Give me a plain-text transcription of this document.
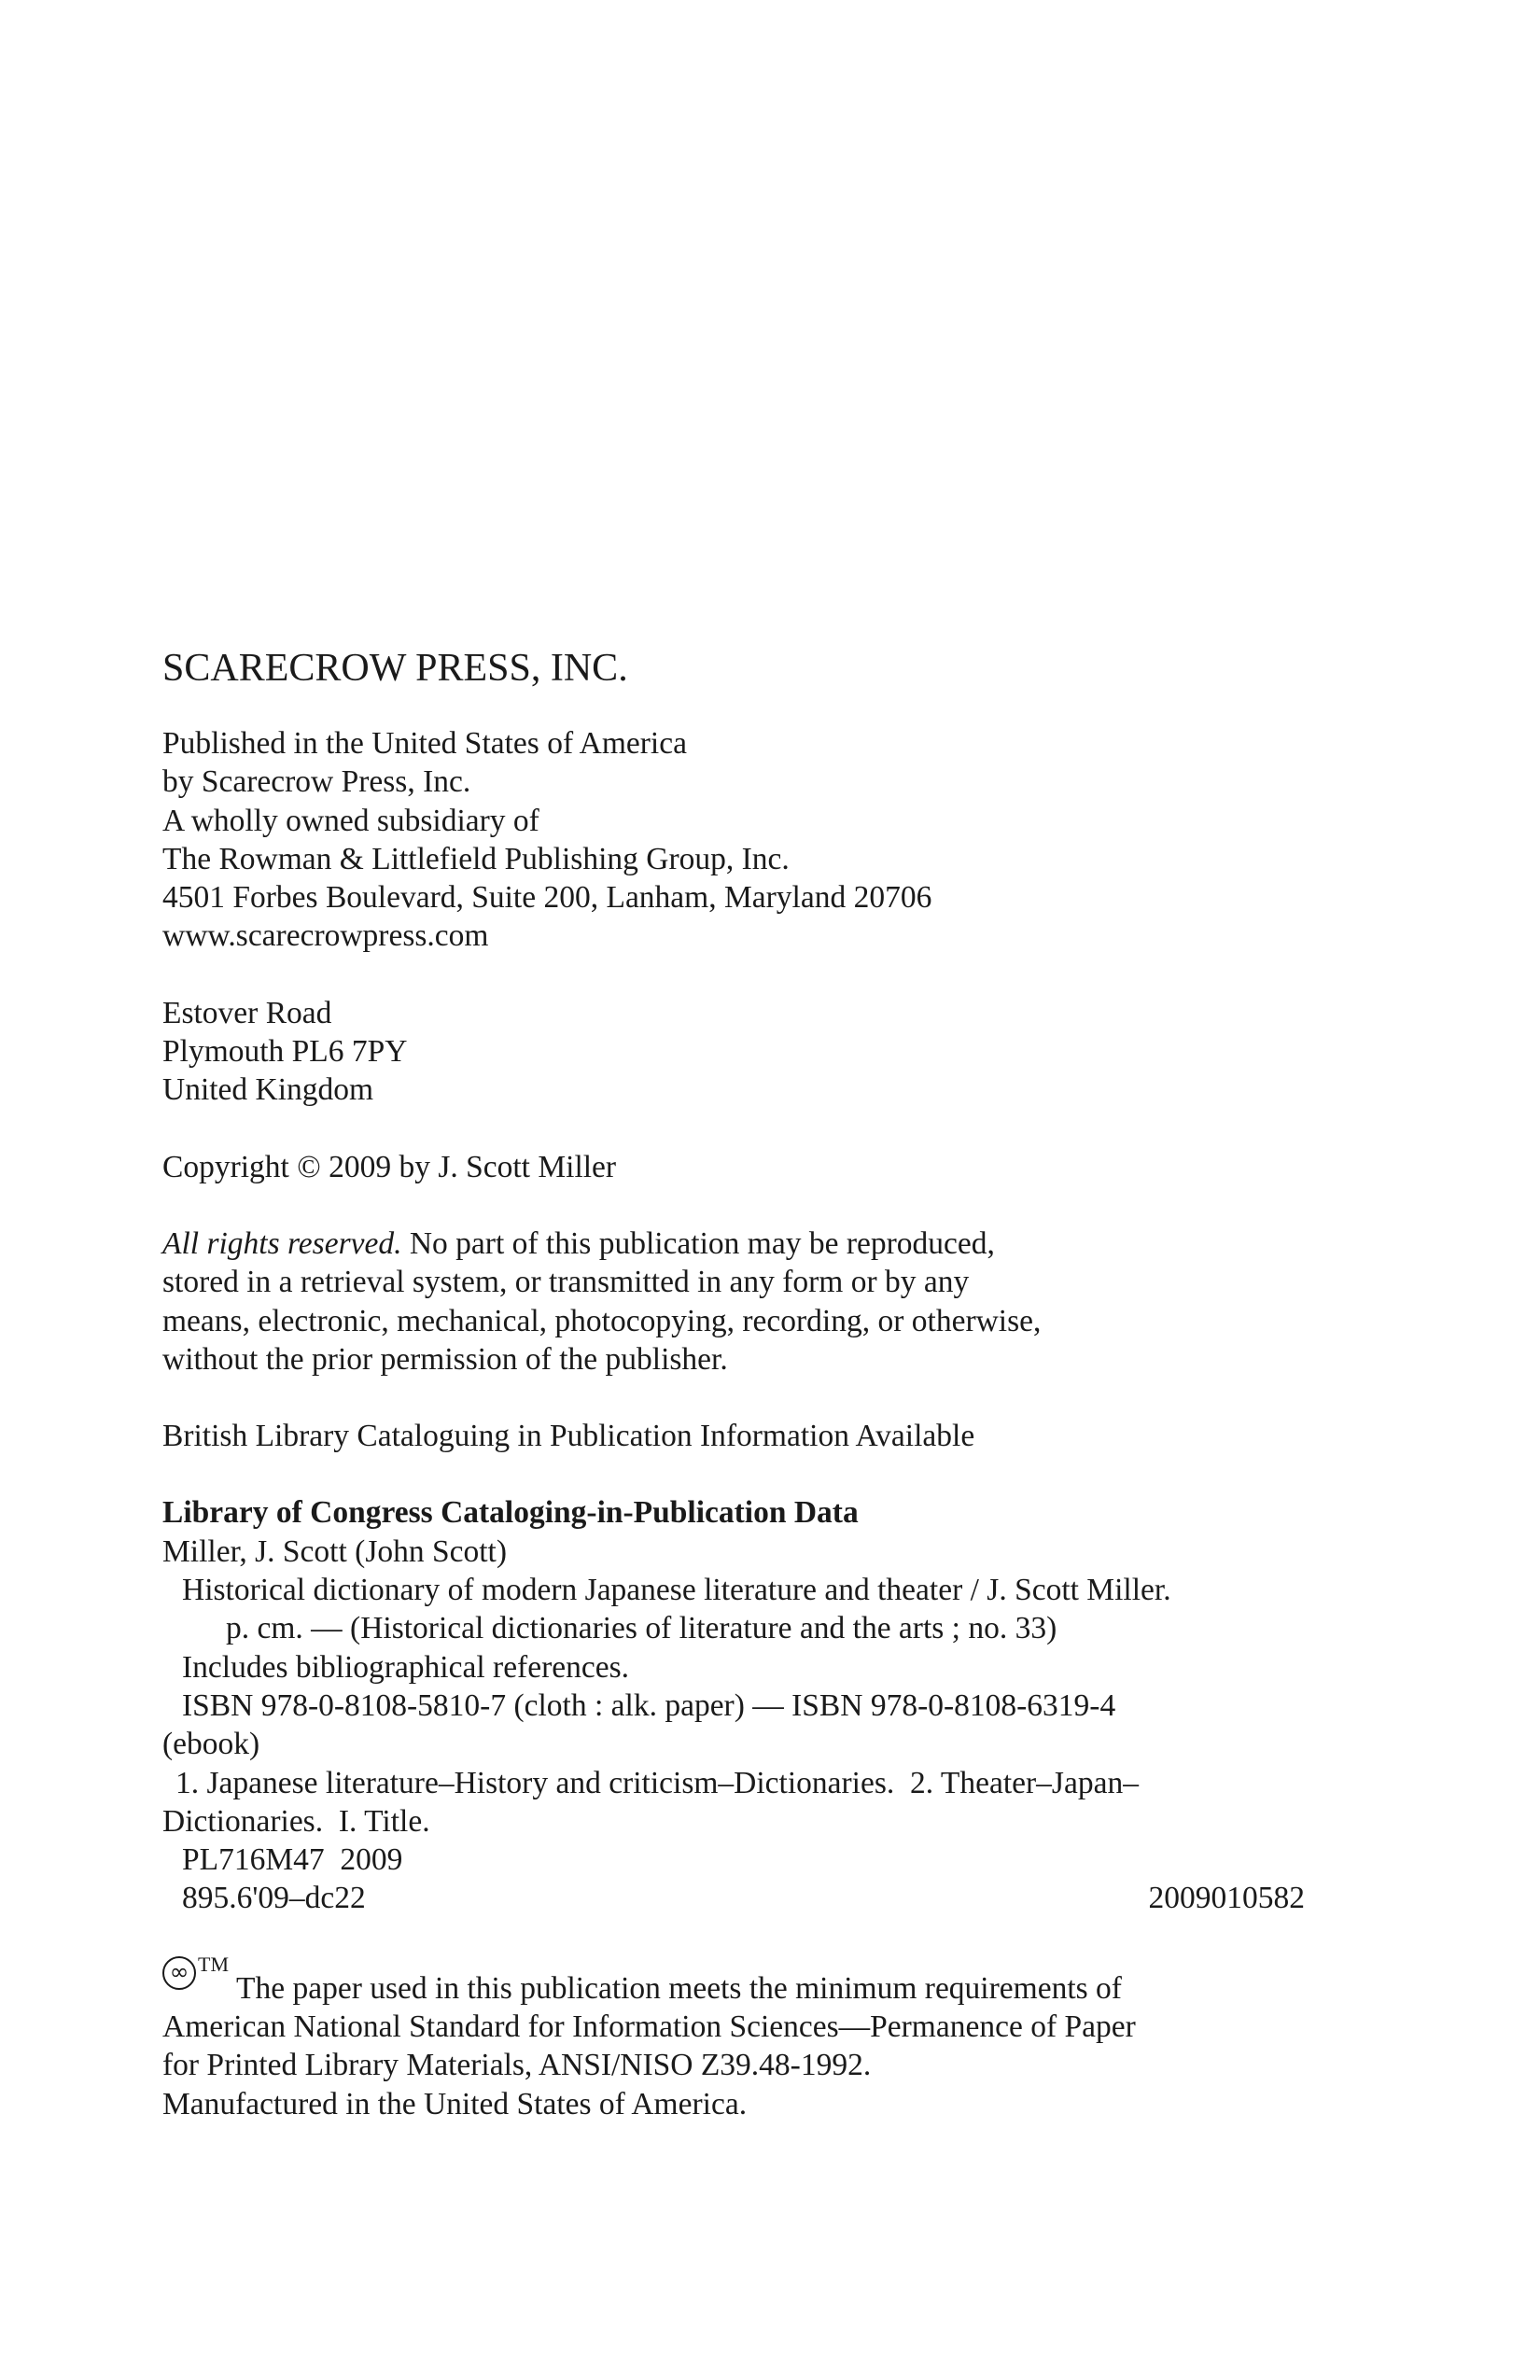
SCARECROW PRESS, INC.
Published in the United States of America
by Scarecrow Press, Inc.
A wholly owned subsidiary of
The Rowman & Littlefield Publishing Group, Inc.
4501 Forbes Boulevard, Suite 200, Lanham, Maryland 20706
www.scarecrowpress.com
Estover Road
Plymouth PL6 7PY
United Kingdom
Copyright © 2009 by J. Scott Miller
All rights reserved. No part of this publication may be reproduced,
stored in a retrieval system, or transmitted in any form or by any
means, electronic, mechanical, photocopying, recording, or otherwise,
without the prior permission of the publisher.
British Library Cataloguing in Publication Information Available
Library of Congress Cataloging-in-Publication Data
Miller, J. Scott (John Scott)
Historical dictionary of modern Japanese literature and theater / J. Scott Miller.
p. cm. — (Historical dictionaries of literature and the arts ; no. 33)
Includes bibliographical references.
ISBN 978-0-8108-5810-7 (cloth : alk. paper) — ISBN 978-0-8108-6319-4
(ebook)
1. Japanese literature–History and criticism–Dictionaries.  2. Theater–Japan–
Dictionaries.  I. Title.
PL716M47  2009
895.6'09–dc22	2009010582
∞ TMThe paper used in this publication meets the minimum requirements of
American National Standard for Information Sciences—Permanence of Paper
for Printed Library Materials, ANSI/NISO Z39.48-1992.
Manufactured in the United States of America.
